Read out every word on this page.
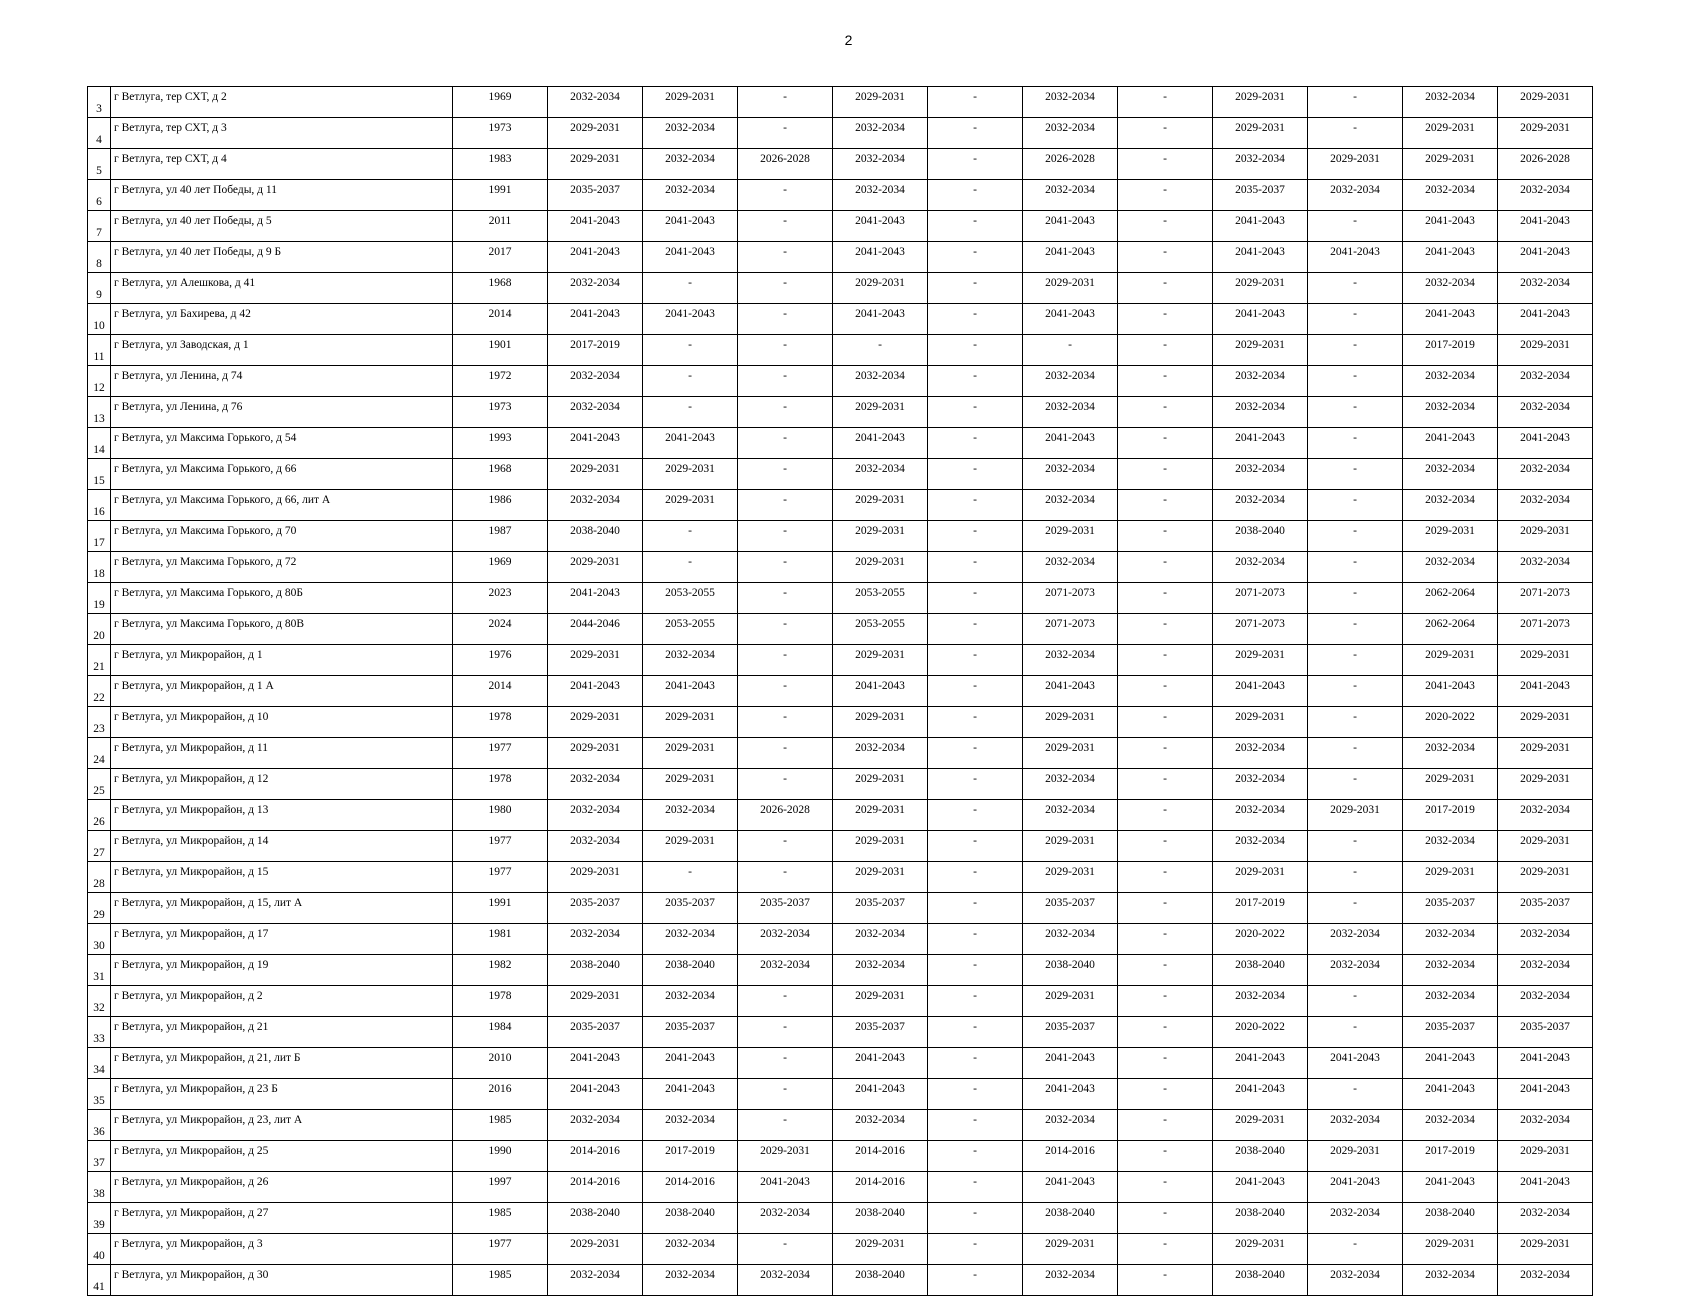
2
3	г Ветлуга, тер СХТ, д 2	1969	2032-2034	2029-2031	-	2029-2031	-	2032-2034	-	2029-2031	-	2032-2034	2029-2031
4	г Ветлуга, тер СХТ, д 3	1973	2029-2031	2032-2034	-	2032-2034	-	2032-2034	-	2029-2031	-	2029-2031	2029-2031
5	г Ветлуга, тер СХТ, д 4	1983	2029-2031	2032-2034	2026-2028	2032-2034	-	2026-2028	-	2032-2034	2029-2031	2029-2031	2026-2028
6	г Ветлуга, ул 40 лет Победы, д 11	1991	2035-2037	2032-2034	-	2032-2034	-	2032-2034	-	2035-2037	2032-2034	2032-2034	2032-2034
7	г Ветлуга, ул 40 лет Победы, д 5	2011	2041-2043	2041-2043	-	2041-2043	-	2041-2043	-	2041-2043	-	2041-2043	2041-2043
8	г Ветлуга, ул 40 лет Победы, д 9 Б	2017	2041-2043	2041-2043	-	2041-2043	-	2041-2043	-	2041-2043	2041-2043	2041-2043	2041-2043
9	г Ветлуга, ул Алешкова, д 41	1968	2032-2034	-	-	2029-2031	-	2029-2031	-	2029-2031	-	2032-2034	2032-2034
10	г Ветлуга, ул Бахирева, д 42	2014	2041-2043	2041-2043	-	2041-2043	-	2041-2043	-	2041-2043	-	2041-2043	2041-2043
11	г Ветлуга, ул Заводская, д 1	1901	2017-2019	-	-	-	-	-	-	2029-2031	-	2017-2019	2029-2031
12	г Ветлуга, ул Ленина, д 74	1972	2032-2034	-	-	2032-2034	-	2032-2034	-	2032-2034	-	2032-2034	2032-2034
13	г Ветлуга, ул Ленина, д 76	1973	2032-2034	-	-	2029-2031	-	2032-2034	-	2032-2034	-	2032-2034	2032-2034
14	г Ветлуга, ул Максима Горького, д 54	1993	2041-2043	2041-2043	-	2041-2043	-	2041-2043	-	2041-2043	-	2041-2043	2041-2043
15	г Ветлуга, ул Максима Горького, д 66	1968	2029-2031	2029-2031	-	2032-2034	-	2032-2034	-	2032-2034	-	2032-2034	2032-2034
16	г Ветлуга, ул Максима Горького, д 66, лит А	1986	2032-2034	2029-2031	-	2029-2031	-	2032-2034	-	2032-2034	-	2032-2034	2032-2034
17	г Ветлуга, ул Максима Горького, д 70	1987	2038-2040	-	-	2029-2031	-	2029-2031	-	2038-2040	-	2029-2031	2029-2031
18	г Ветлуга, ул Максима Горького, д 72	1969	2029-2031	-	-	2029-2031	-	2032-2034	-	2032-2034	-	2032-2034	2032-2034
19	г Ветлуга, ул Максима Горького, д 80Б	2023	2041-2043	2053-2055	-	2053-2055	-	2071-2073	-	2071-2073	-	2062-2064	2071-2073
20	г Ветлуга, ул Максима Горького, д 80В	2024	2044-2046	2053-2055	-	2053-2055	-	2071-2073	-	2071-2073	-	2062-2064	2071-2073
21	г Ветлуга, ул Микрорайон, д 1	1976	2029-2031	2032-2034	-	2029-2031	-	2032-2034	-	2029-2031	-	2029-2031	2029-2031
22	г Ветлуга, ул Микрорайон, д 1 А	2014	2041-2043	2041-2043	-	2041-2043	-	2041-2043	-	2041-2043	-	2041-2043	2041-2043
23	г Ветлуга, ул Микрорайон, д 10	1978	2029-2031	2029-2031	-	2029-2031	-	2029-2031	-	2029-2031	-	2020-2022	2029-2031
24	г Ветлуга, ул Микрорайон, д 11	1977	2029-2031	2029-2031	-	2032-2034	-	2029-2031	-	2032-2034	-	2032-2034	2029-2031
25	г Ветлуга, ул Микрорайон, д 12	1978	2032-2034	2029-2031	-	2029-2031	-	2032-2034	-	2032-2034	-	2029-2031	2029-2031
26	г Ветлуга, ул Микрорайон, д 13	1980	2032-2034	2032-2034	2026-2028	2029-2031	-	2032-2034	-	2032-2034	2029-2031	2017-2019	2032-2034
27	г Ветлуга, ул Микрорайон, д 14	1977	2032-2034	2029-2031	-	2029-2031	-	2029-2031	-	2032-2034	-	2032-2034	2029-2031
28	г Ветлуга, ул Микрорайон, д 15	1977	2029-2031	-	-	2029-2031	-	2029-2031	-	2029-2031	-	2029-2031	2029-2031
29	г Ветлуга, ул Микрорайон, д 15, лит А	1991	2035-2037	2035-2037	2035-2037	2035-2037	-	2035-2037	-	2017-2019	-	2035-2037	2035-2037
30	г Ветлуга, ул Микрорайон, д 17	1981	2032-2034	2032-2034	2032-2034	2032-2034	-	2032-2034	-	2020-2022	2032-2034	2032-2034	2032-2034
31	г Ветлуга, ул Микрорайон, д 19	1982	2038-2040	2038-2040	2032-2034	2032-2034	-	2038-2040	-	2038-2040	2032-2034	2032-2034	2032-2034
32	г Ветлуга, ул Микрорайон, д 2	1978	2029-2031	2032-2034	-	2029-2031	-	2029-2031	-	2032-2034	-	2032-2034	2032-2034
33	г Ветлуга, ул Микрорайон, д 21	1984	2035-2037	2035-2037	-	2035-2037	-	2035-2037	-	2020-2022	-	2035-2037	2035-2037
34	г Ветлуга, ул Микрорайон, д 21, лит Б	2010	2041-2043	2041-2043	-	2041-2043	-	2041-2043	-	2041-2043	2041-2043	2041-2043	2041-2043
35	г Ветлуга, ул Микрорайон, д 23 Б	2016	2041-2043	2041-2043	-	2041-2043	-	2041-2043	-	2041-2043	-	2041-2043	2041-2043
36	г Ветлуга, ул Микрорайон, д 23, лит А	1985	2032-2034	2032-2034	-	2032-2034	-	2032-2034	-	2029-2031	2032-2034	2032-2034	2032-2034
37	г Ветлуга, ул Микрорайон, д 25	1990	2014-2016	2017-2019	2029-2031	2014-2016	-	2014-2016	-	2038-2040	2029-2031	2017-2019	2029-2031
38	г Ветлуга, ул Микрорайон, д 26	1997	2014-2016	2014-2016	2041-2043	2014-2016	-	2041-2043	-	2041-2043	2041-2043	2041-2043	2041-2043
39	г Ветлуга, ул Микрорайон, д 27	1985	2038-2040	2038-2040	2032-2034	2038-2040	-	2038-2040	-	2038-2040	2032-2034	2038-2040	2032-2034
40	г Ветлуга, ул Микрорайон, д 3	1977	2029-2031	2032-2034	-	2029-2031	-	2029-2031	-	2029-2031	-	2029-2031	2029-2031
41	г Ветлуга, ул Микрорайон, д 30	1985	2032-2034	2032-2034	2032-2034	2038-2040	-	2032-2034	-	2038-2040	2032-2034	2032-2034	2032-2034
